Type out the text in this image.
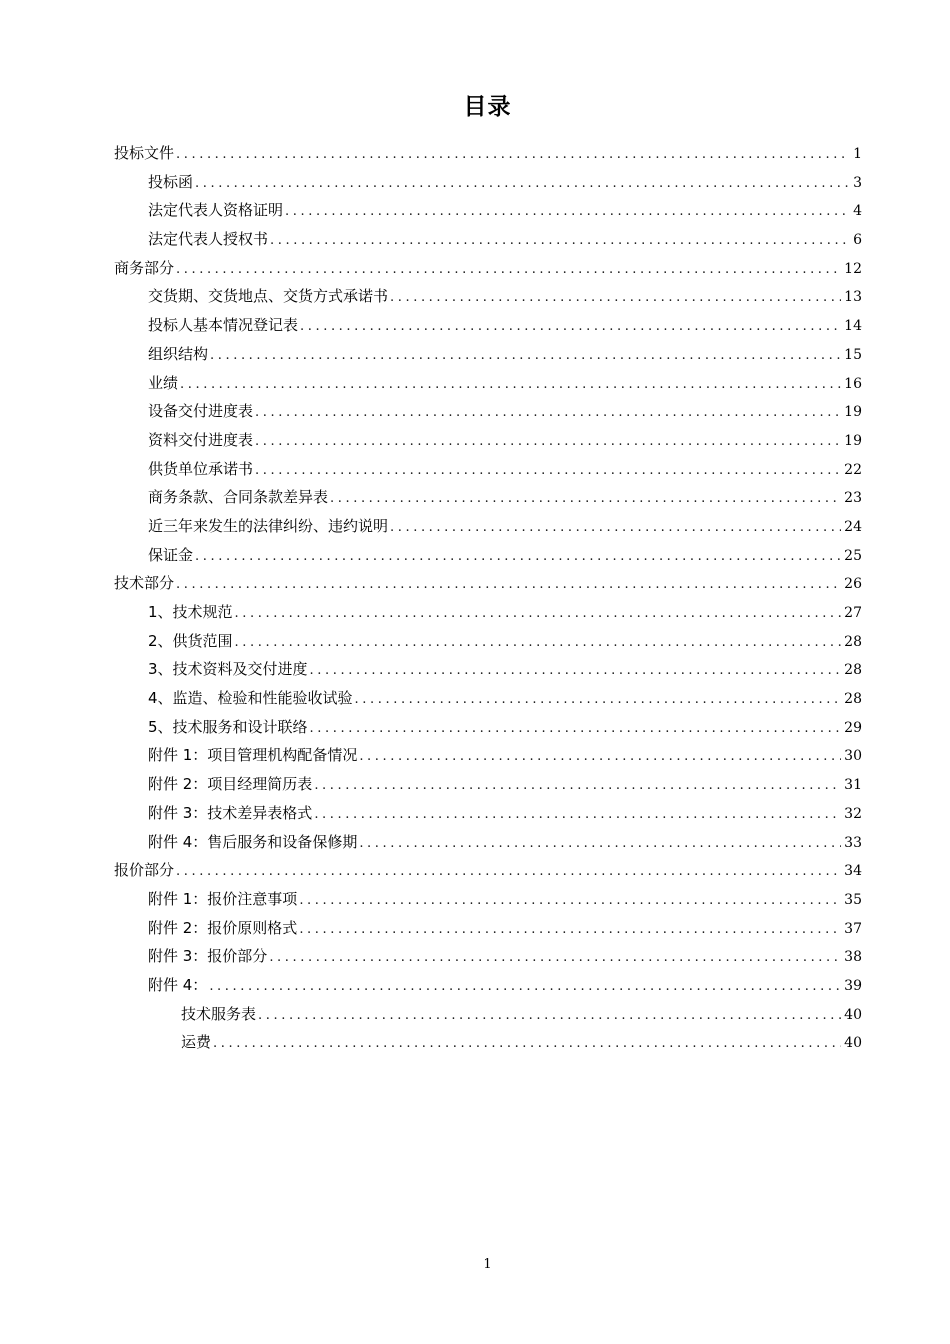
目录
投标文件 .....	1
投标函 .....	3
法定代表人资格证明 .....	4
法定代表人授权书 .....	6
商务部分 .....	12
交货期、交货地点、交货方式承诺书 .....	13
投标人基本情况登记表 .....	14
组织结构 .....	15
业绩 .....	16
设备交付进度表 .....	19
资料交付进度表 .....	19
供货单位承诺书 .....	22
商务条款、合同条款差异表 .....	23
近三年来发生的法律纠纷、违约说明 .....	24
保证金 .....	25
技术部分 .....	26
1、技术规范 .....	27
2、供货范围 .....	28
3、技术资料及交付进度 .....	28
4、监造、检验和性能验收试验 .....	28
5、技术服务和设计联络 .....	29
附件 1：项目管理机构配备情况 .....	30
附件 2：项目经理简历表 .....	31
附件 3：技术差异表格式 .....	32
附件 4：售后服务和设备保修期 .....	33
报价部分 .....	34
附件 1：报价注意事项 .....	35
附件 2：报价原则格式 .....	37
附件 3：报价部分 .....	38
附件 4： .....	39
技术服务表 .....	40
运费 .....	40
1
